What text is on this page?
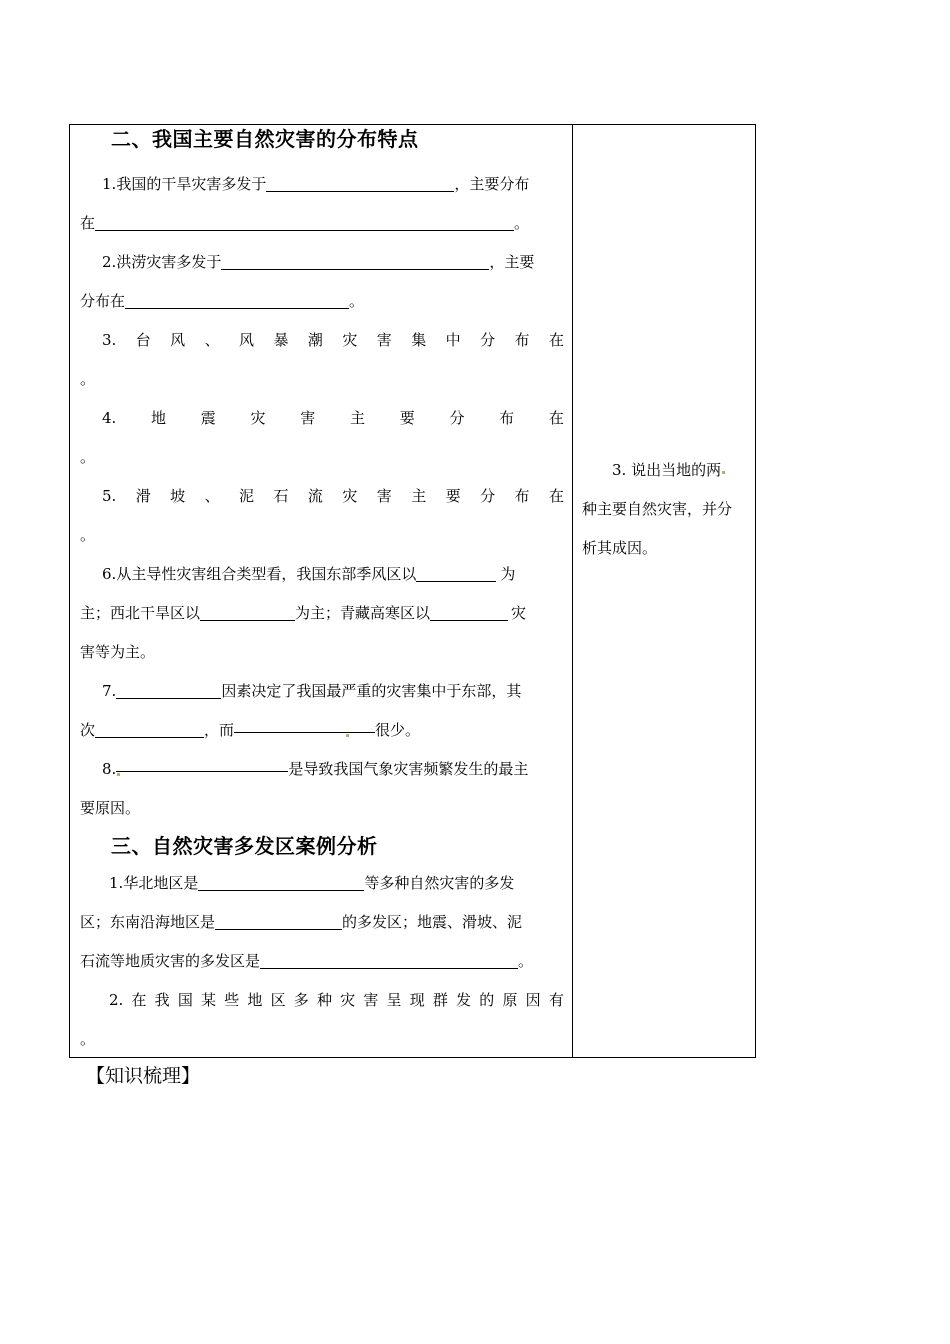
二、我国主要自然灾害的分布特点

1.我国的干旱灾害多发于	，主要分布

在	。

2.洪涝灾害多发于	，主要

分布在	。

3. 台 风 、 风 暴 潮 灾 害 集 中 分 布 在

。

4. 地 震 灾 害 主 要 分 布 在

。

5. 滑 坡 、 泥 石 流 灾 害 主 要 分 布 在

。

6.从主导性灾害组合类型看，我国东部季风区以	为

主；西北干旱区以	为主；青藏高寒区以	灾

害等为主。

7.	因素决定了我国最严重的灾害集中于东部，其

次	，而	很少。

8.	是导致我国气象灾害频繁发生的最主

要原因。

三、自然灾害多发区案例分析

1.华北地区是	等多种自然灾害的多发

区；东南沿海地区是	的多发区；地震、滑坡、泥

石流等地质灾害的多发区是	。

2. 在 我 国 某 些 地 区 多 种 灾 害 呈 现 群 发 的 原 因 有

。

3. 说出当地的两

种主要自然灾害，并分

析其成因。

【知识梳理】
